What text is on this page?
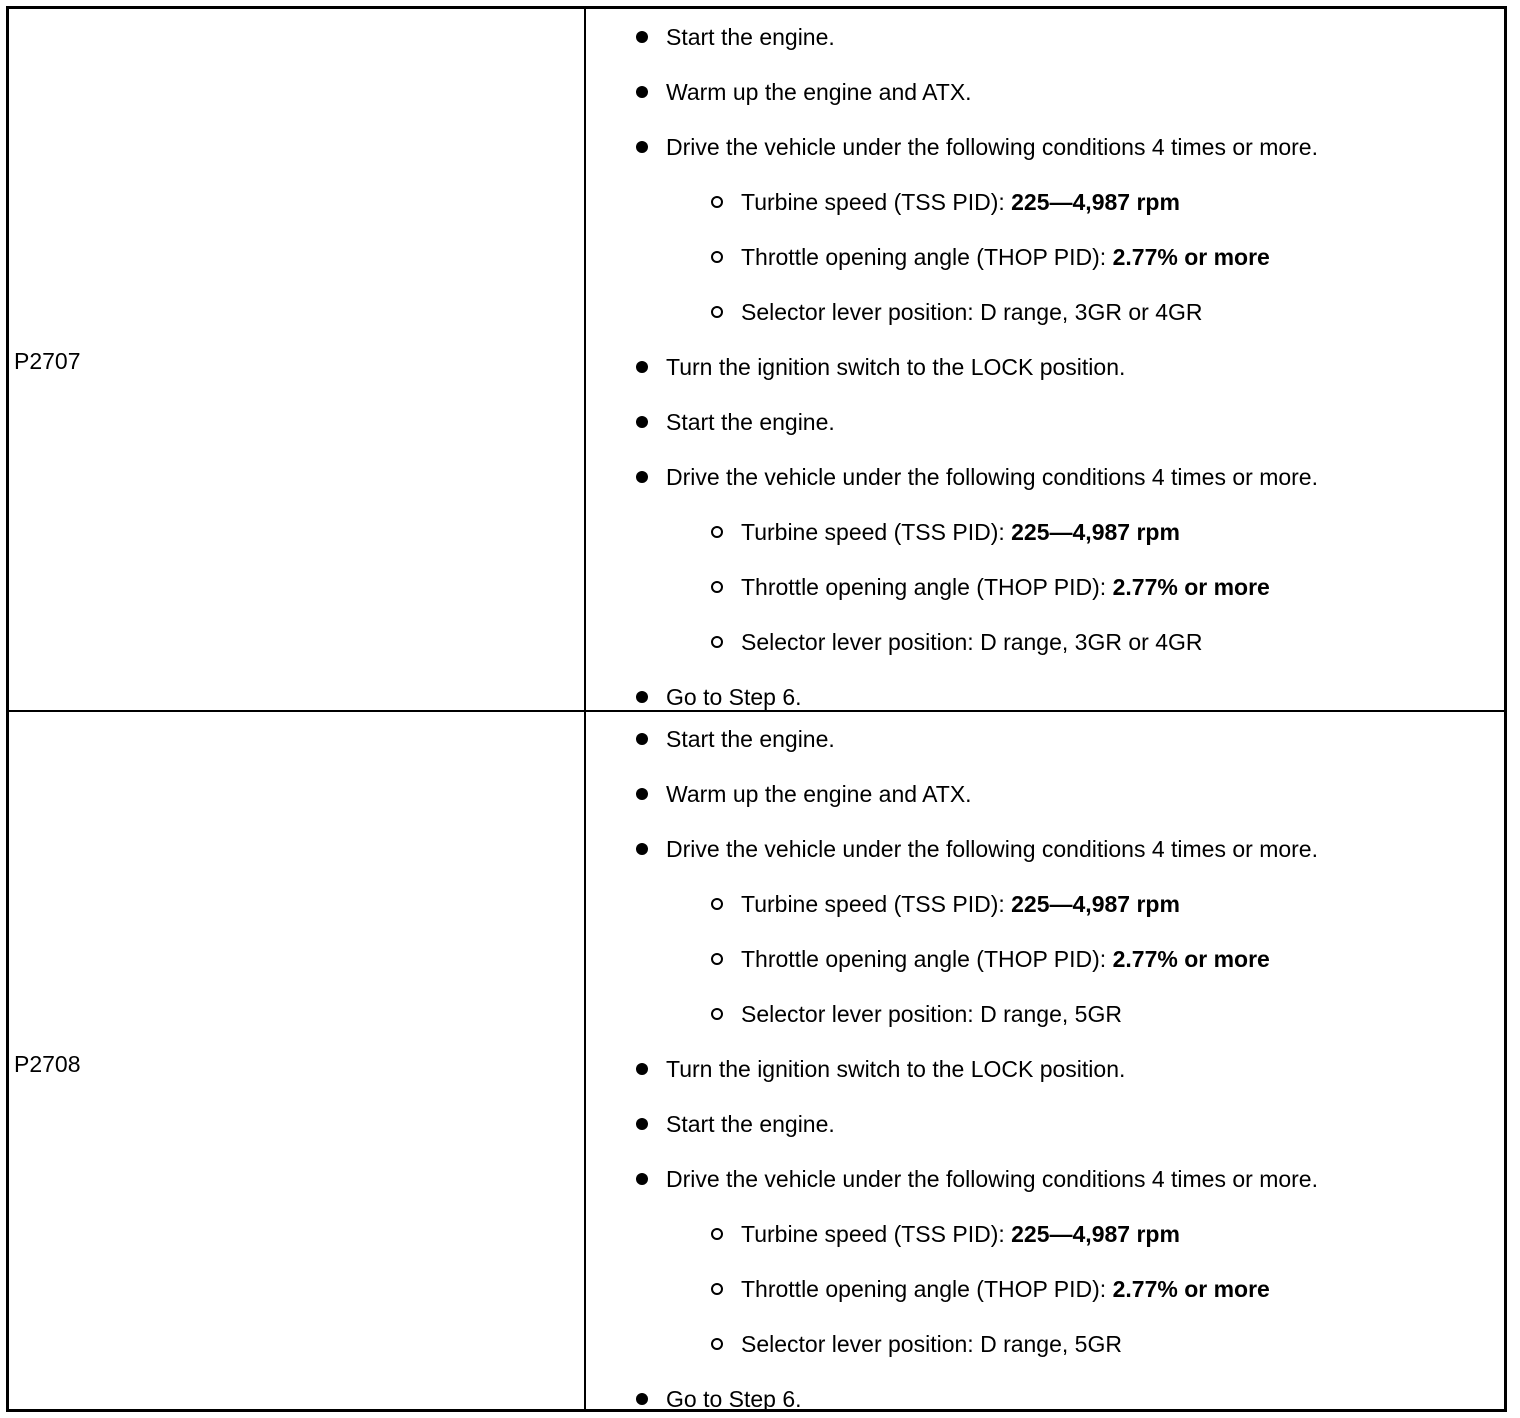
P2707
Start the engine.
Warm up the engine and ATX.
Drive the vehicle under the following conditions 4 times or more.
Turbine speed (TSS PID): 225—4,987 rpm
Throttle opening angle (THOP PID): 2.77% or more
Selector lever position: D range, 3GR or 4GR
Turn the ignition switch to the LOCK position.
Start the engine.
Drive the vehicle under the following conditions 4 times or more.
Turbine speed (TSS PID): 225—4,987 rpm
Throttle opening angle (THOP PID): 2.77% or more
Selector lever position: D range, 3GR or 4GR
Go to Step 6.
P2708
Start the engine.
Warm up the engine and ATX.
Drive the vehicle under the following conditions 4 times or more.
Turbine speed (TSS PID): 225—4,987 rpm
Throttle opening angle (THOP PID): 2.77% or more
Selector lever position: D range, 5GR
Turn the ignition switch to the LOCK position.
Start the engine.
Drive the vehicle under the following conditions 4 times or more.
Turbine speed (TSS PID): 225—4,987 rpm
Throttle opening angle (THOP PID): 2.77% or more
Selector lever position: D range, 5GR
Go to Step 6.
